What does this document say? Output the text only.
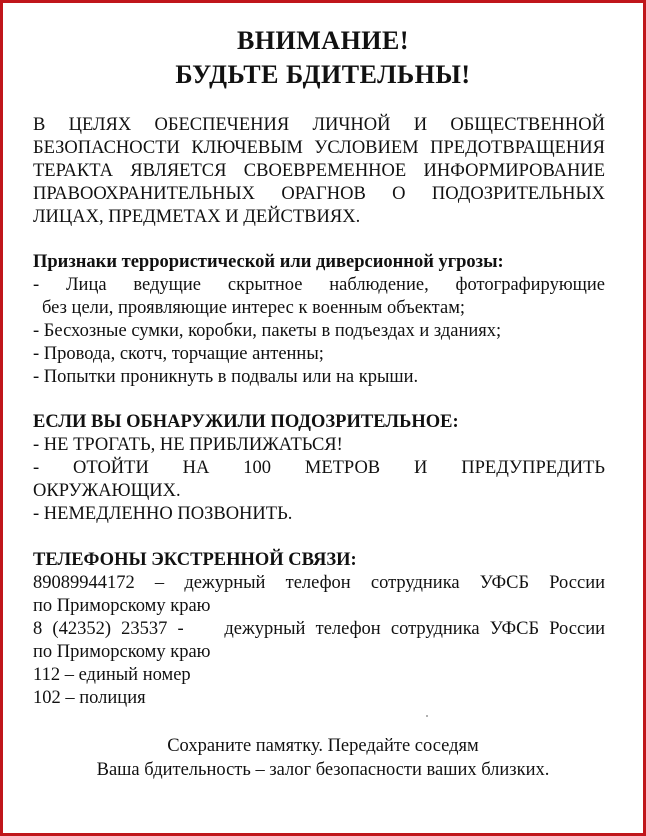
ВНИМАНИЕ!
БУДЬТЕ БДИТЕЛЬНЫ!
В ЦЕЛЯХ ОБЕСПЕЧЕНИЯ ЛИЧНОЙ И ОБЩЕСТВЕННОЙ
БЕЗОПАСНОСТИ КЛЮЧЕВЫМ УСЛОВИЕМ ПРЕДОТВРАЩЕНИЯ
ТЕРАКТА ЯВЛЯЕТСЯ СВОЕВРЕМЕННОЕ ИНФОРМИРОВАНИЕ
ПРАВООХРАНИТЕЛЬНЫХ ОРАГНОВ О ПОДОЗРИТЕЛЬНЫХ
ЛИЦАХ, ПРЕДМЕТАХ И ДЕЙСТВИЯХ.
Признаки террористической или диверсионной угрозы:
- Лица ведущие скрытное наблюдение, фотографирующие
без цели, проявляющие интерес к военным объектам;
- Бесхозные сумки, коробки, пакеты в подъездах и зданиях;
- Провода, скотч, торчащие антенны;
- Попытки проникнуть в подвалы или на крыши.
ЕСЛИ ВЫ ОБНАРУЖИЛИ ПОДОЗРИТЕЛЬНОЕ:
- НЕ ТРОГАТЬ, НЕ ПРИБЛИЖАТЬСЯ!
- ОТОЙТИ НА 100 МЕТРОВ И ПРЕДУПРЕДИТЬ
ОКРУЖАЮЩИХ.
- НЕМЕДЛЕННО ПОЗВОНИТЬ.
ТЕЛЕФОНЫ ЭКСТРЕННОЙ СВЯЗИ:
89089944172 – дежурный телефон сотрудника УФСБ России
по Приморскому краю
8 (42352) 23537 -    дежурный телефон сотрудника УФСБ России
по Приморскому краю
112 – единый номер
102 – полиция
Сохраните памятку. Передайте соседям
Ваша бдительность – залог безопасности ваших близких.
